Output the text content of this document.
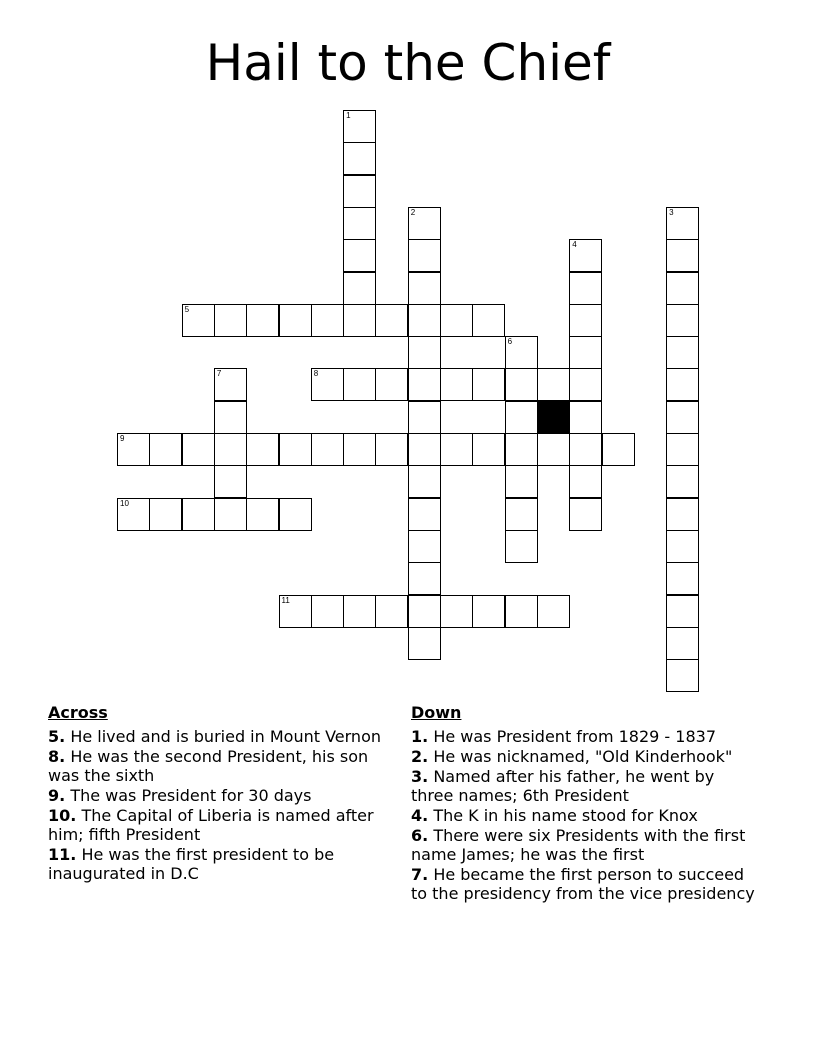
Hail to the Chief
1
2	3
4
5
6
7	8
9
10
11
Across
5. He lived and is buried in Mount Vernon
8. He was the second President, his son was the sixth
9. The was President for 30 days
10. The Capital of Liberia is named after him; fifth President
11. He was the first president to be inaugurated in D.C
Down
1. He was President from 1829 - 1837
2. He was nicknamed, "Old Kinderhook"
3. Named after his father, he went by three names; 6th President
4. The K in his name stood for Knox
6. There were six Presidents with the first name James; he was the first
7. He became the first person to succeed to the presidency from the vice presidency
